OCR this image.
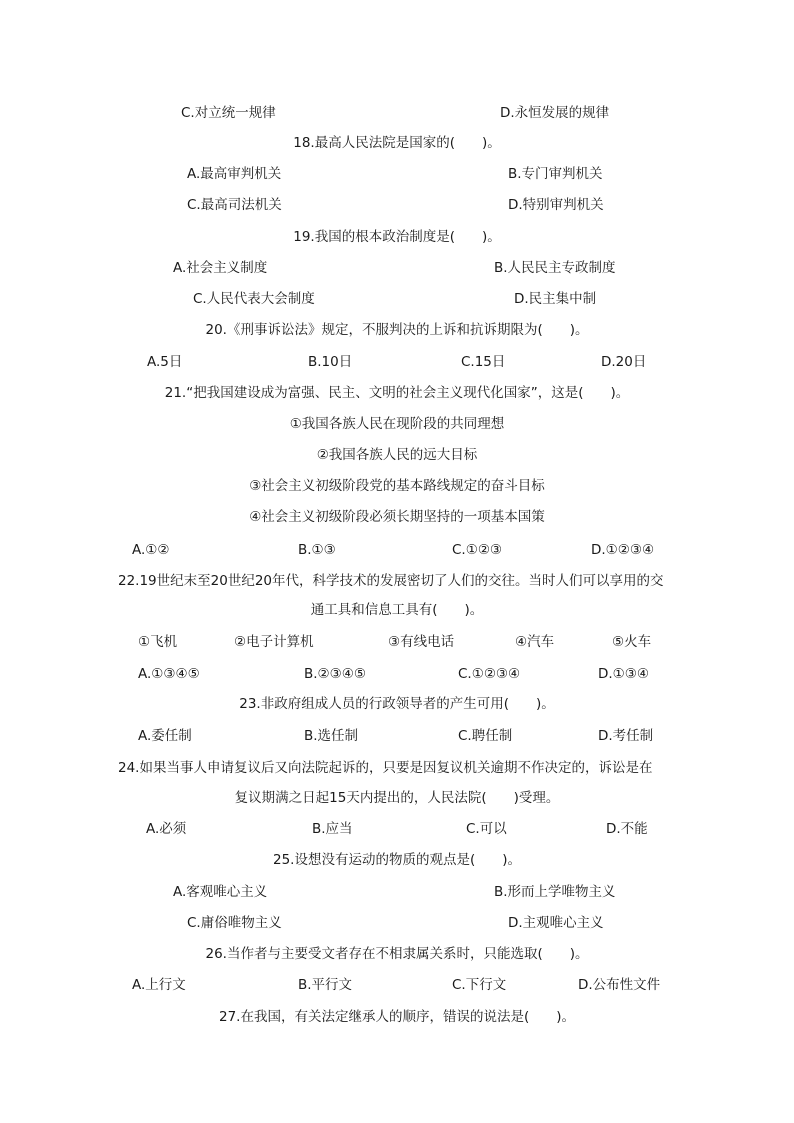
C.对立统一规律	D.永恒发展的规律
18.最高人民法院是国家的(　　)。
A.最高审判机关	B.专门审判机关
C.最高司法机关	D.特别审判机关
19.我国的根本政治制度是(　　)。
A.社会主义制度	B.人民民主专政制度
C.人民代表大会制度	D.民主集中制
20.《刑事诉讼法》规定，不服判决的上诉和抗诉期限为(　　)。
A.5日	B.10日	C.15日	D.20日
21.“把我国建设成为富强、民主、文明的社会主义现代化国家”，这是(　　)。
①我国各族人民在现阶段的共同理想
②我国各族人民的远大目标
③社会主义初级阶段党的基本路线规定的奋斗目标
④社会主义初级阶段必须长期坚持的一项基本国策
A.①②	B.①③	C.①②③	D.①②③④
22.19世纪末至20世纪20年代，科学技术的发展密切了人们的交往。当时人们可以享用的交
通工具和信息工具有(　　)。
①飞机	②电子计算机	③有线电话	④汽车	⑤火车
A.①③④⑤	B.②③④⑤	C.①②③④	D.①③④
23.非政府组成人员的行政领导者的产生可用(　　)。
A.委任制	B.选任制	C.聘任制	D.考任制
24.如果当事人申请复议后又向法院起诉的，只要是因复议机关逾期不作决定的，诉讼是在
复议期满之日起15天内提出的，人民法院(　　)受理。
A.必须	B.应当	C.可以	D.不能
25.设想没有运动的物质的观点是(　　)。
A.客观唯心主义	B.形而上学唯物主义
C.庸俗唯物主义	D.主观唯心主义
26.当作者与主要受文者存在不相隶属关系时，只能选取(　　)。
A.上行文	B.平行文	C.下行文	D.公布性文件
27.在我国，有关法定继承人的顺序，错误的说法是(　　)。
